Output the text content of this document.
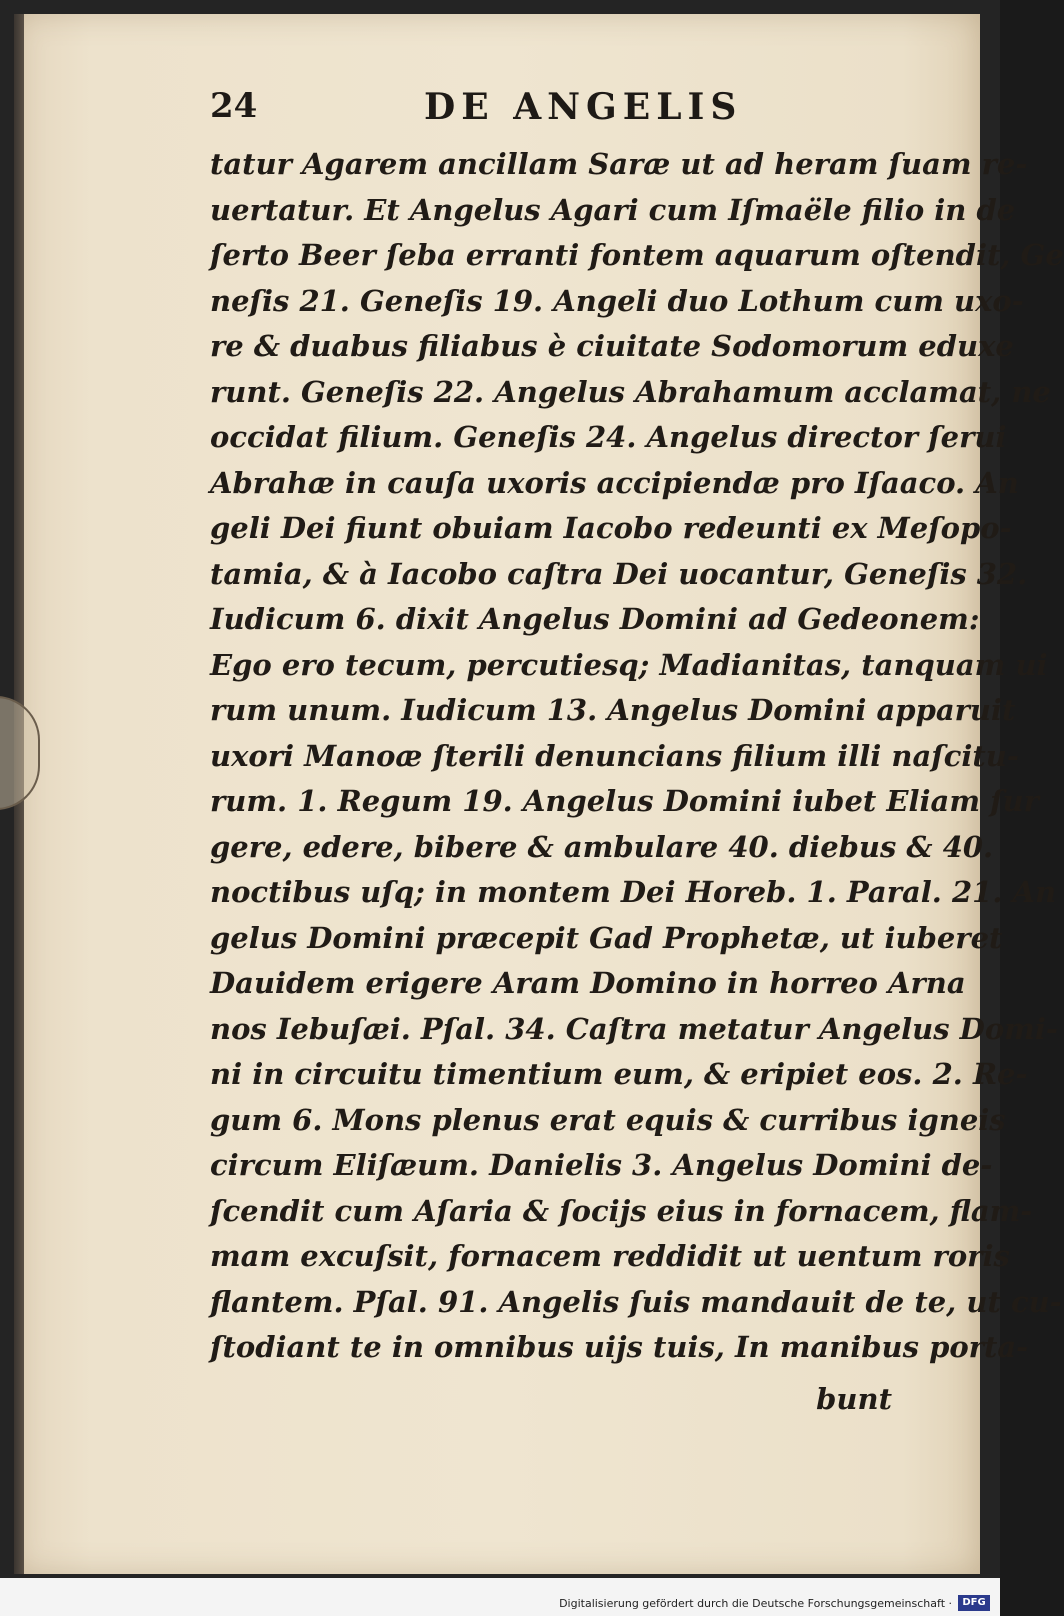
24	DE ANGELIS
tatur Agarem ancillam Saræ ut ad heram ſuam re-
uertatur. Et Angelus Agari cum Iſmaële filio in de
ſerto Beer ſeba erranti fontem aquarum oſtendit, Ge
neſis 21. Geneſis 19. Angeli duo Lothum cum uxo-
re & duabus filiabus è ciuitate Sodomorum eduxe
runt. Geneſis 22. Angelus Abrahamum acclamat, ne
occidat filium. Geneſis 24. Angelus director ſerui
Abrahæ in cauſa uxoris accipiendæ pro Iſaaco. An
geli Dei fiunt obuiam Iacobo redeunti ex Meſopo-
tamia, & à Iacobo caſtra Dei uocantur, Geneſis 32.
Iudicum 6. dixit Angelus Domini ad Gedeonem:
Ego ero tecum, percutiesq; Madianitas, tanquam ui
rum unum. Iudicum 13. Angelus Domini apparuit
uxori Manoæ ſterili denuncians filium illi naſcitu-
rum. 1. Regum 19. Angelus Domini iubet Eliam ſur
gere, edere, bibere & ambulare 40. diebus & 40.
noctibus uſq; in montem Dei Horeb. 1. Paral. 21. An
gelus Domini præcepit Gad Prophetæ, ut iuberet
Dauidem erigere Aram Domino in horreo Arna
nos Iebuſæi. Pſal. 34. Caſtra metatur Angelus Domi-
ni in circuitu timentium eum, & eripiet eos. 2. Re-
gum 6. Mons plenus erat equis & curribus igneis
circum Eliſæum. Danielis 3. Angelus Domini de-
ſcendit cum Aſaria & ſocijs eius in fornacem, flam-
mam excuſsit, fornacem reddidit ut uentum roris
flantem. Pſal. 91. Angelis ſuis mandauit de te, ut cu-
ſtodiant te in omnibus uijs tuis, In manibus porta-
bunt
Digitalisierung gefördert durch die Deutsche Forschungsgemeinschaft ·	DFG
